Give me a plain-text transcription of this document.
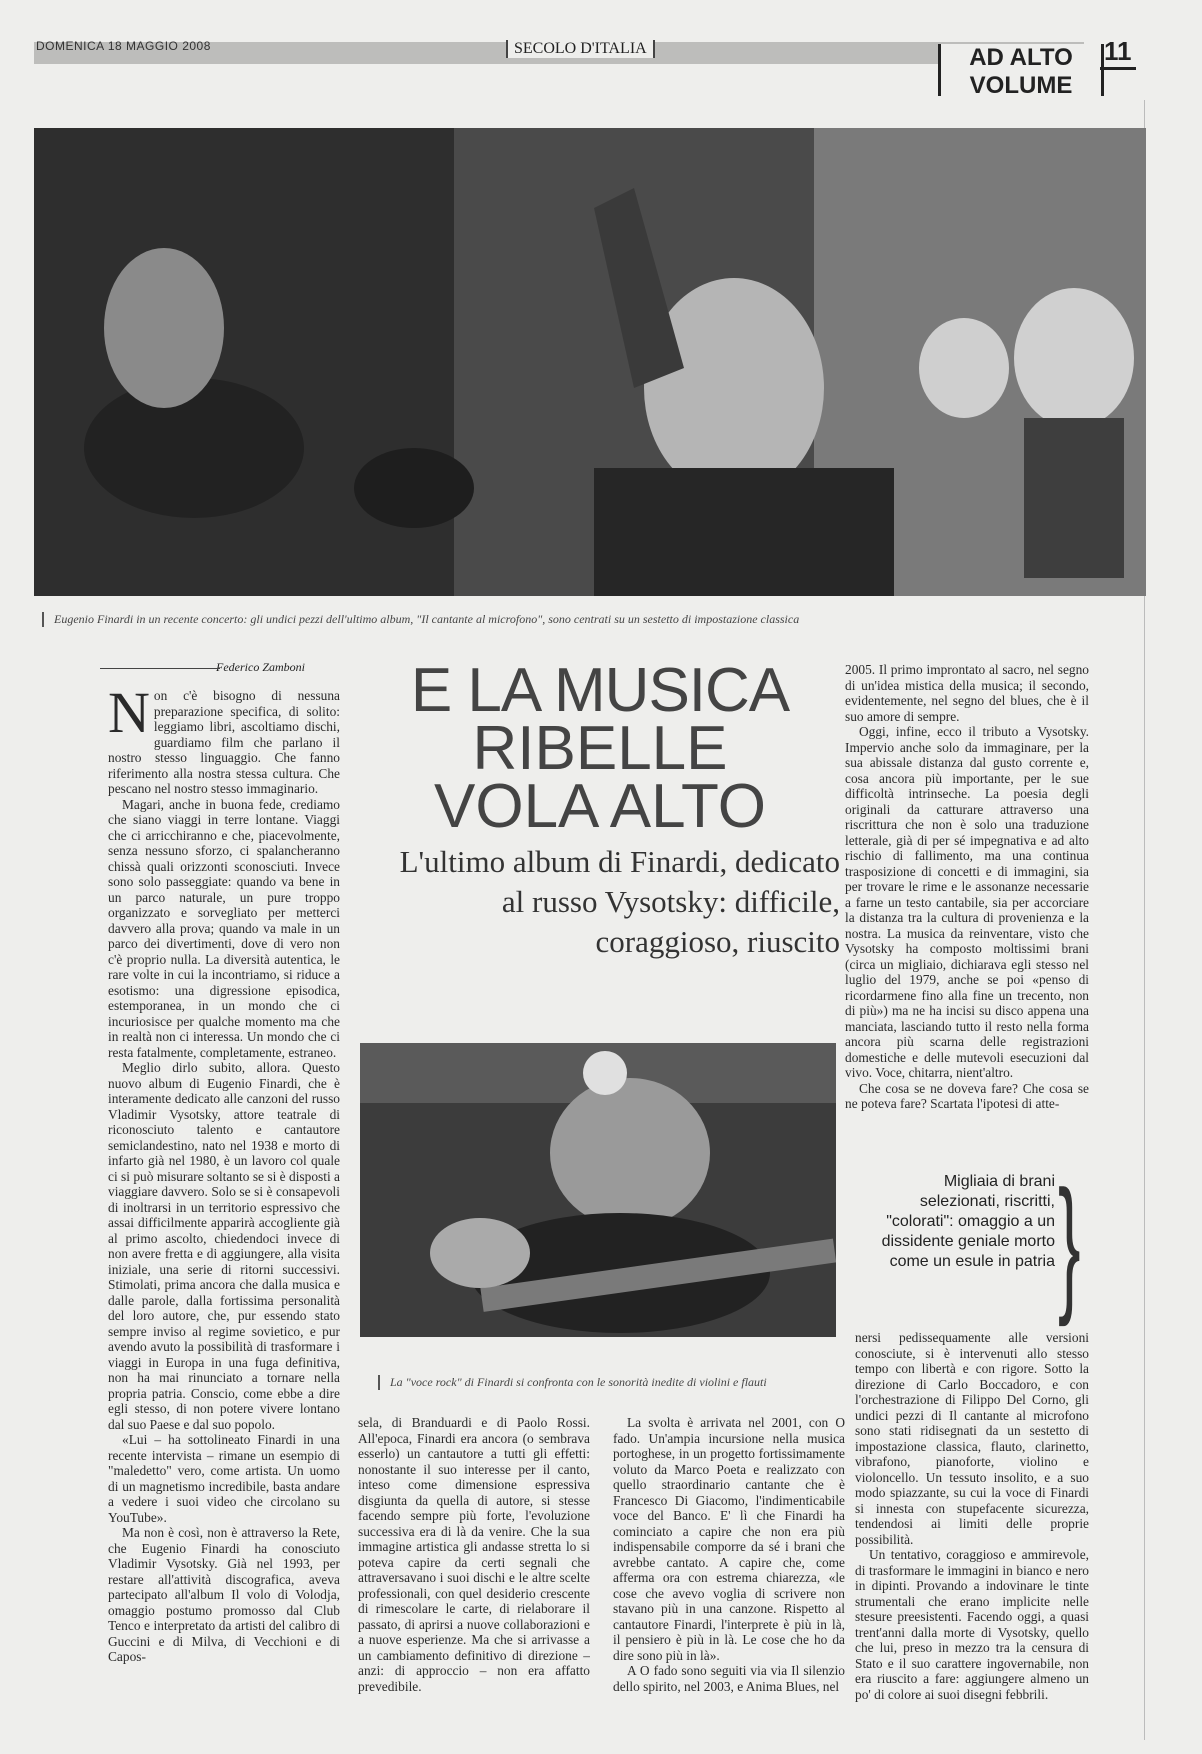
DOMENICA 18 MAGGIO 2008	SECOLO D'ITALIA	AD ALTO
VOLUME
11
Eugenio Finardi in un recente concerto: gli undici pezzi dell'ultimo album, "Il cantante al microfono", sono centrati su un sestetto di impostazione classica
Federico Zamboni	E LA MUSICA
RIBELLE
VOLA ALTO
L'ultimo album di Finardi, dedicato al russo Vysotsky: difficile, coraggioso, riuscito

Non c'è bisogno di nessuna preparazione specifica, di solito: leggiamo libri, ascoltiamo dischi, guardiamo film che parlano il nostro stesso linguaggio. Che fanno riferimento alla nostra stessa cultura. Che pescano nel nostro stesso immaginario.

Magari, anche in buona fede, crediamo che siano viaggi in terre lontane. Viaggi che ci arricchiranno e che, piacevolmente, senza nessuno sforzo, ci spalancheranno chissà quali orizzonti sconosciuti. Invece sono solo passeggiate: quando va bene in un parco naturale, un pure troppo organizzato e sorvegliato per metterci davvero alla prova; quando va male in un parco dei divertimenti, dove di vero non c'è proprio nulla. La diversità autentica, le rare volte in cui la incontriamo, si riduce a esotismo: una digressione episodica, estemporanea, in un mondo che ci incuriosisce per qualche momento ma che in realtà non ci interessa. Un mondo che ci resta fatalmente, completamente, estraneo.

Meglio dirlo subito, allora. Questo nuovo album di Eugenio Finardi, che è interamente dedicato alle canzoni del russo Vladimir Vysotsky, attore teatrale di riconosciuto talento e cantautore semiclandestino, nato nel 1938 e morto di infarto già nel 1980, è un lavoro col quale ci si può misurare soltanto se si è disposti a viaggiare davvero. Solo se si è consapevoli di inoltrarsi in un territorio espressivo che assai difficilmente apparirà accogliente già al primo ascolto, chiedendoci invece di non avere fretta e di aggiungere, alla visita iniziale, una serie di ritorni successivi. Stimolati, prima ancora che dalla musica e dalle parole, dalla fortissima personalità del loro autore, che, pur essendo stato sempre inviso al regime sovietico, e pur avendo avuto la possibilità di trasformare i viaggi in Europa in una fuga definitiva, non ha mai rinunciato a tornare nella propria patria. Conscio, come ebbe a dire egli stesso, di non potere vivere lontano dal suo Paese e dal suo popolo.

«Lui – ha sottolineato Finardi in una recente intervista – rimane un esempio di "maledetto" vero, come artista. Un uomo di un magnetismo incredibile, basta andare a vedere i suoi video che circolano su YouTube».

Ma non è così, non è attraverso la Rete, che Eugenio Finardi ha conosciuto Vladimir Vysotsky. Già nel 1993, per restare all'attività discografica, aveva partecipato all'album Il volo di Volodja, omaggio postumo promosso dal Club Tenco e interpretato da artisti del calibro di Guccini e di Milva, di Vecchioni e di Capos-

2005. Il primo improntato al sacro, nel segno di un'idea mistica della musica; il secondo, evidentemente, nel segno del blues, che è il suo amore di sempre.

Oggi, infine, ecco il tributo a Vysotsky. Impervio anche solo da immaginare, per la sua abissale distanza dal gusto corrente e, cosa ancora più importante, per le sue difficoltà intrinseche. La poesia degli originali da catturare attraverso una riscrittura che non è solo una traduzione letterale, già di per sé impegnativa e ad alto rischio di fallimento, ma una continua trasposizione di concetti e di immagini, sia per trovare le rime e le assonanze necessarie a farne un testo cantabile, sia per accorciare la distanza tra la cultura di provenienza e la nostra. La musica da reinventare, visto che Vysotsky ha composto moltissimi brani (circa un migliaio, dichiarava egli stesso nel luglio del 1979, anche se poi «penso di ricordarmene fino alla fine un trecento, non di più») ma ne ha incisi su disco appena una manciata, lasciando tutto il resto nella forma ancora più scarna delle registrazioni domestiche e delle mutevoli esecuzioni dal vivo. Voce, chitarra, nient'altro.

Che cosa se ne doveva fare? Che cosa se ne poteva fare? Scartata l'ipotesi di atte-

La "voce rock" di Finardi si confronta con le sonorità inedite di violini e flauti
Migliaia di brani selezionati, riscritti, "colorati": omaggio a un dissidente geniale morto come un esule in patria }

sela, di Branduardi e di Paolo Rossi. All'epoca, Finardi era ancora (o sembrava esserlo) un cantautore a tutti gli effetti: nonostante il suo interesse per il canto, inteso come dimensione espressiva disgiunta da quella di autore, si stesse facendo sempre più forte, l'evoluzione successiva era di là da venire. Che la sua immagine artistica gli andasse stretta lo si poteva capire da certi segnali che attraversavano i suoi dischi e le altre scelte professionali, con quel desiderio crescente di rimescolare le carte, di rielaborare il passato, di aprirsi a nuove collaborazioni e a nuove esperienze. Ma che si arrivasse a un cambiamento definitivo di direzione – anzi: di approccio – non era affatto prevedibile.

La svolta è arrivata nel 2001, con O fado. Un'ampia incursione nella musica portoghese, in un progetto fortissimamente voluto da Marco Poeta e realizzato con quello straordinario cantante che è Francesco Di Giacomo, l'indimenticabile voce del Banco. E' lì che Finardi ha cominciato a capire che non era più indispensabile comporre da sé i brani che avrebbe cantato. A capire che, come afferma ora con estrema chiarezza, «le cose che avevo voglia di scrivere non stavano più in una canzone. Rispetto al cantautore Finardi, l'interprete è più in là, il pensiero è più in là. Le cose che ho da dire sono più in là».

A O fado sono seguiti via via Il silenzio dello spirito, nel 2003, e Anima Blues, nel

nersi pedissequamente alle versioni conosciute, si è intervenuti allo stesso tempo con libertà e con rigore. Sotto la direzione di Carlo Boccadoro, e con l'orchestrazione di Filippo Del Corno, gli undici pezzi di Il cantante al microfono sono stati ridisegnati da un sestetto di impostazione classica, flauto, clarinetto, vibrafono, pianoforte, violino e violoncello. Un tessuto insolito, e a suo modo spiazzante, su cui la voce di Finardi si innesta con stupefacente sicurezza, tendendosi ai limiti delle proprie possibilità.

Un tentativo, coraggioso e ammirevole, di trasformare le immagini in bianco e nero in dipinti. Provando a indovinare le tinte strumentali che erano implicite nelle stesure preesistenti. Facendo oggi, a quasi trent'anni dalla morte di Vysotsky, quello che lui, preso in mezzo tra la censura di Stato e il suo carattere ingovernabile, non era riuscito a fare: aggiungere almeno un po' di colore ai suoi disegni febbrili.
